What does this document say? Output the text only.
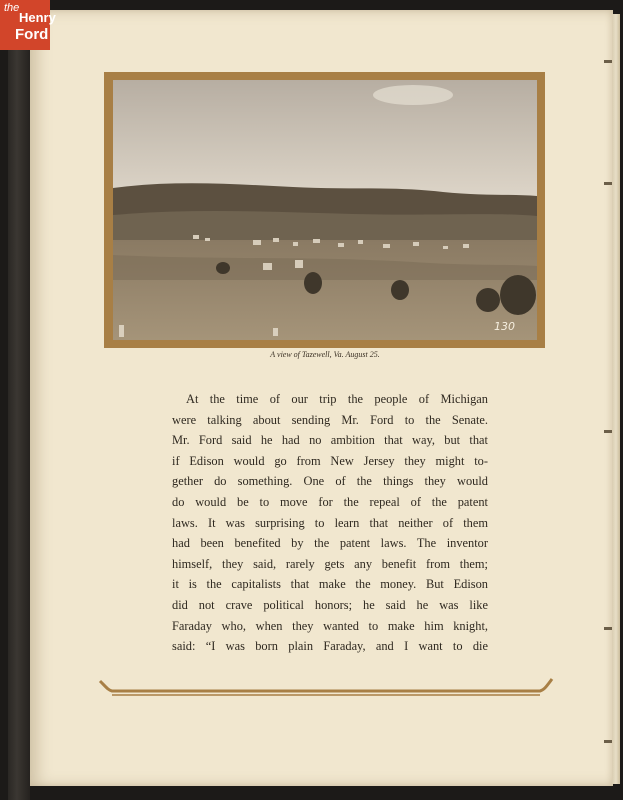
the
Henry
Ford
130
A view of Tazewell, Va. August 25.
At the time of our trip the people of Michigan
were talking about sending Mr. Ford to the Senate.
Mr. Ford said he had no ambition that way, but that
if Edison would go from New Jersey they might to-
gether do something. One of the things they would
do would be to move for the repeal of the patent
laws. It was surprising to learn that neither of them
had been benefited by the patent laws. The inventor
himself, they said, rarely gets any benefit from them;
it is the capitalists that make the money. But Edison
did not crave political honors; he said he was like
Faraday who, when they wanted to make him knight,
said: “I was born plain Faraday, and I want to die
